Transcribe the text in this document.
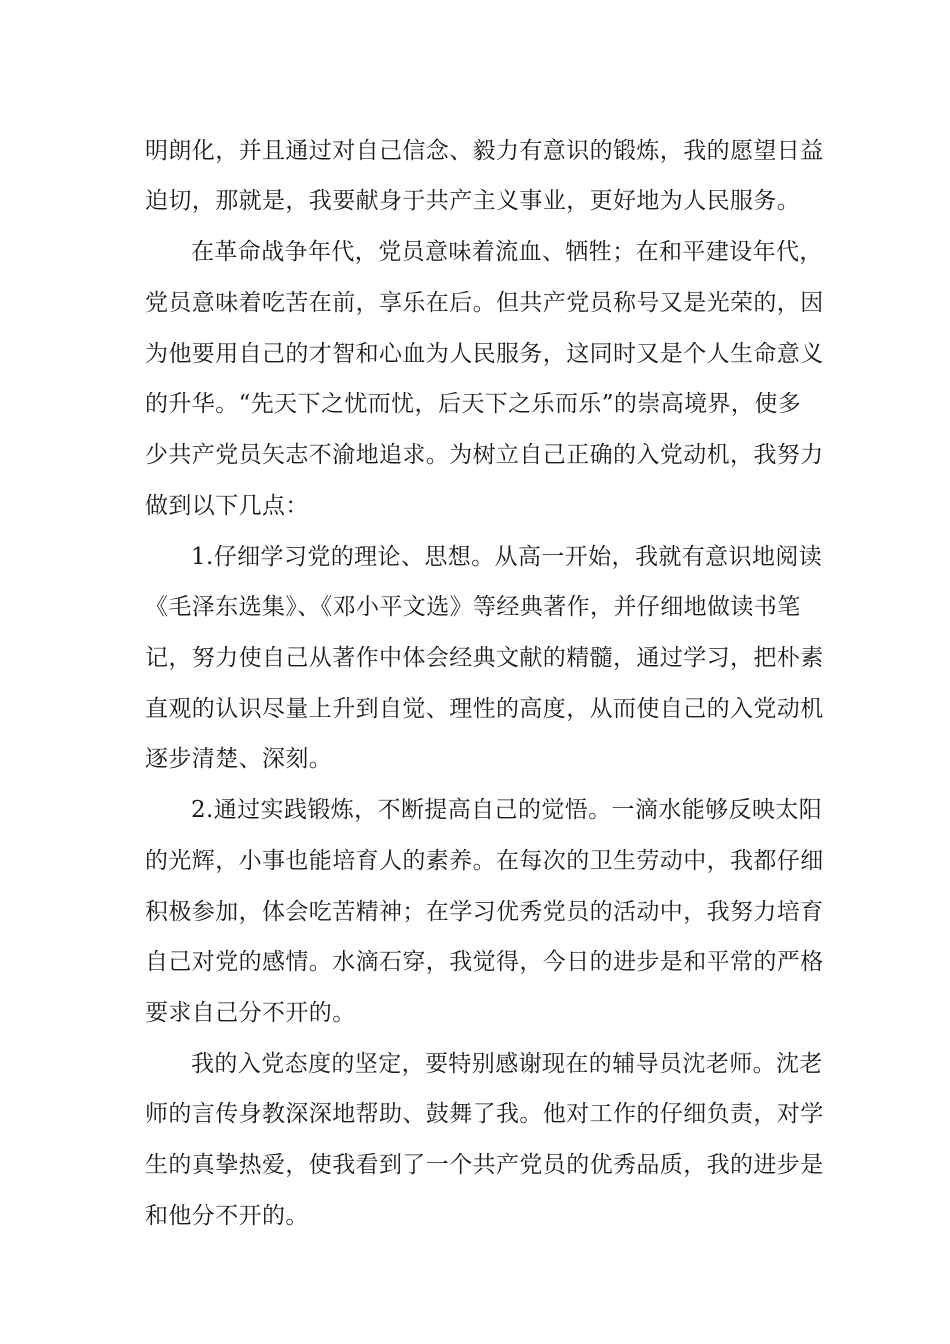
明朗化，并且通过对自己信念、毅力有意识的锻炼，我的愿望日益
迫切，那就是，我要献身于共产主义事业，更好地为人民服务。
在革命战争年代，党员意味着流血、牺牲；在和平建设年代，
党员意味着吃苦在前，享乐在后。但共产党员称号又是光荣的，因
为他要用自己的才智和心血为人民服务，这同时又是个人生命意义
的升华。“先天下之忧而忧，后天下之乐而乐”的崇高境界，使多
少共产党员矢志不渝地追求。为树立自己正确的入党动机，我努力
做到以下几点：
1.仔细学习党的理论、思想。从高一开始，我就有意识地阅读
《毛泽东选集》、《邓小平文选》等经典著作，并仔细地做读书笔
记，努力使自己从著作中体会经典文献的精髓，通过学习，把朴素
直观的认识尽量上升到自觉、理性的高度，从而使自己的入党动机
逐步清楚、深刻。
2.通过实践锻炼，不断提高自己的觉悟。一滴水能够反映太阳
的光辉，小事也能培育人的素养。在每次的卫生劳动中，我都仔细
积极参加，体会吃苦精神；在学习优秀党员的活动中，我努力培育
自己对党的感情。水滴石穿，我觉得，今日的进步是和平常的严格
要求自己分不开的。
我的入党态度的坚定，要特别感谢现在的辅导员沈老师。沈老
师的言传身教深深地帮助、鼓舞了我。他对工作的仔细负责，对学
生的真挚热爱，使我看到了一个共产党员的优秀品质，我的进步是
和他分不开的。
